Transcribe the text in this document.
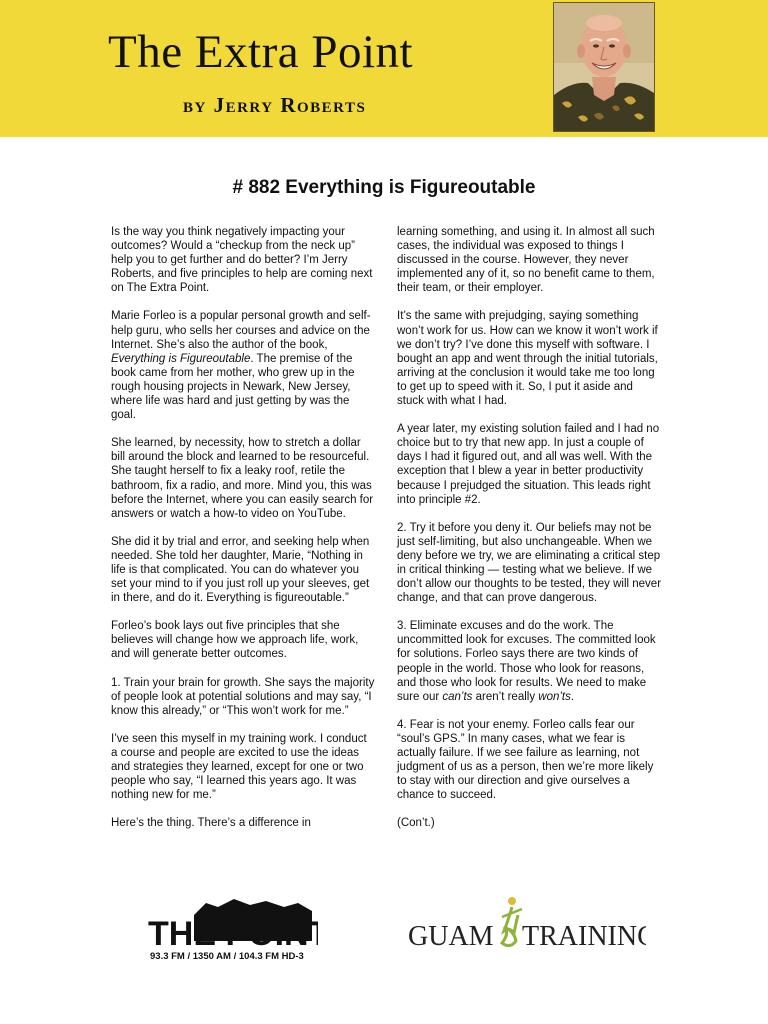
The Extra Point
by Jerry Roberts
# 882 Everything is Figureoutable

Is the way you think negatively impacting your outcomes? Would a “checkup from the neck up” help you to get further and do better? I’m Jerry Roberts, and five principles to help are coming next on The Extra Point.

Marie Forleo is a popular personal growth and self-help guru, who sells her courses and advice on the Internet. She’s also the author of the book, Everything is Figureoutable. The premise of the book came from her mother, who grew up in the rough housing projects in Newark, New Jersey, where life was hard and just getting by was the goal.

She learned, by necessity, how to stretch a dollar bill around the block and learned to be resourceful. She taught herself to fix a leaky roof, retile the bathroom, fix a radio, and more. Mind you, this was before the Internet, where you can easily search for answers or watch a how-to video on YouTube.

She did it by trial and error, and seeking help when needed. She told her daughter, Marie, “Nothing in life is that complicated. You can do whatever you set your mind to if you just roll up your sleeves, get in there, and do it. Everything is figureoutable.”

Forleo’s book lays out five principles that she believes will change how we approach life, work, and will generate better outcomes.

1. Train your brain for growth. She says the majority of people look at potential solutions and may say, “I know this already,” or “This won’t work for me.”

I’ve seen this myself in my training work. I conduct a course and people are excited to use the ideas and strategies they learned, except for one or two people who say, “I learned this years ago. It was nothing new for me.”

Here’s the thing. There’s a difference in

learning something, and using it. In almost all such cases, the individual was exposed to things I discussed in the course. However, they never implemented any of it, so no benefit came to them, their team, or their employer.

It’s the same with prejudging, saying something won’t work for us. How can we know it won’t work if we don’t try? I’ve done this myself with software. I bought an app and went through the initial tutorials, arriving at the conclusion it would take me too long to get up to speed with it. So, I put it aside and stuck with what I had.

A year later, my existing solution failed and I had no choice but to try that new app. In just a couple of days I had it figured out, and all was well. With the exception that I blew a year in better productivity because I prejudged the situation. This leads right into principle #2.

2. Try it before you deny it. Our beliefs may not be just self-limiting, but also unchangeable. When we deny before we try, we are eliminating a critical step in critical thinking — testing what we believe. If we don’t allow our thoughts to be tested, they will never change, and that can prove dangerous.

3. Eliminate excuses and do the work. The uncommitted look for excuses. The committed look for solutions. Forleo says there are two kinds of people in the world. Those who look for reasons, and those who look for results. We need to make sure our can’ts aren’t really won’ts.

4. Fear is not your enemy. Forleo calls fear our “soul’s GPS.” In many cases, what we fear is actually failure. If we see failure as learning, not judgment of us as a person, then we’re more likely to stay with our direction and give ourselves a chance to succeed.

(Con’t.)

THE POINT
93.3 FM / 1350 AM / 104.3 FM HD-3
GUAM TRAINING
